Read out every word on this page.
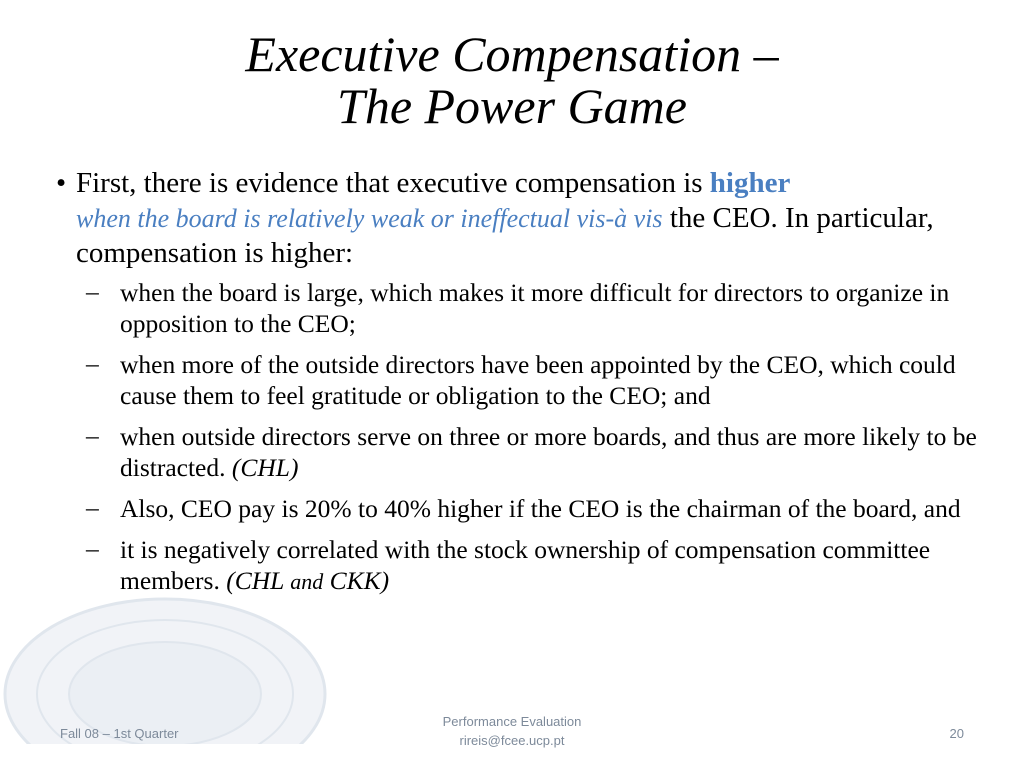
Executive Compensation –
The Power Game

• First, there is evidence that executive compensation is higher
when the board is relatively weak or ineffectual vis-à vis the CEO. In particular, compensation is higher:

– when the board is large, which makes it more difficult for directors to organize in opposition to the CEO;

– when more of the outside directors have been appointed by the CEO, which could cause them to feel gratitude or obligation to the CEO; and

– when outside directors serve on three or more boards, and thus are more likely to be distracted. (CHL)

– Also, CEO pay is 20% to 40% higher if the CEO is the chairman of the board, and

– it is negatively correlated with the stock ownership of compensation committee members. (CHL and CKK)

Fall 08 – 1st Quarter
Performance Evaluation
rireis@fcee.ucp.pt	20
